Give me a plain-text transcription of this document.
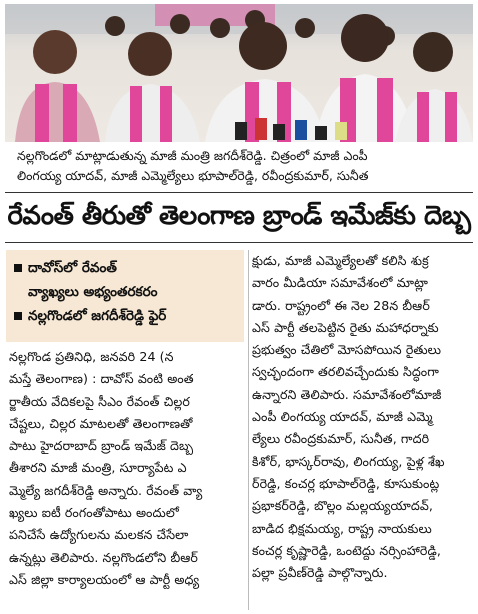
నల్లగొండలో మాట్లాడుతున్న మాజీ మంత్రి జగదీశ్‌రెడ్డి. చిత్రంలో మాజీ ఎంపీ
లింగయ్య యాదవ్, మాజీ ఎమ్మెల్యేలు భూపాల్‌రెడ్డి, రవీంద్రకుమార్, సునీత
రేవంత్ తీరుతో తెలంగాణ బ్రాండ్ ఇమేజ్‌కు దెబ్బ
దావోస్‌లో రేవంత్
వ్యాఖ్యలు అభ్యంతరకరం
నల్లగొండలో జగదీశ్‌రెడ్డి ఫైర్
నల్లగొండ ప్రతినిధి, జనవరి 24 (న
మస్తే తెలంగాణ) : దావోస్ వంటి అంత
ర్జాతీయ వేదికలపై సీఎం రేవంత్ చిల్లర
చేష్టలు, చిల్లర మాటలతో తెలంగాణతో
పాటు హైదరాబాద్ బ్రాండ్ ఇమేజ్ దెబ్బ
తీశారని మాజీ మంత్రి, సూర్యాపేట ఎ
మ్మెల్యే జగదీశ్‌రెడ్డి అన్నారు. రేవంత్ వ్యా
ఖ్యలు ఐటీ రంగంతోపాటు అందులో
పనిచేసే ఉద్యోగులను మలకన చేసేలా
ఉన్నట్లు తెలిపారు. నల్లగొండలోని బీఆర్
ఎస్ జిల్లా కార్యాలయంలో ఆ పార్టీ అధ్య
క్షుడు, మాజీ ఎమ్మెల్యేలతో కలిసి శుక్ర
వారం మీడియా సమావేశంలో మాట్లా
డారు. రాష్ట్రంలో ఈ నెల 28న బీఆర్
ఎస్ పార్టీ తలపెట్టిన రైతు మహాధర్నాకు
ప్రభుత్వం చేతిలో మోసపోయిన రైతులు
స్వచ్ఛందంగా తరలివచ్చేందుకు సిద్ధంగా
ఉన్నారని తెలిపారు. సమావేశంలోమాజీ
ఎంపీ లింగయ్య యాదవ్, మాజీ ఎమ్మె
ల్యేలు రవీంద్రకుమార్, సునీత, గాదరి
కిశోర్, భాస్కర్‌రావు, లింగయ్య, పైళ్ల శేఖ
ర్‌రెడ్డి, కంచర్ల భూపాల్‌రెడ్డి, కూసుకుంట్ల
ప్రభాకర్‌రెడ్డి, బొల్లం మల్లయ్యయాదవ్,
బాడిద భిక్షమయ్య, రాష్ట్ర నాయకులు
కంచర్ల కృష్ణారెడ్డి, ఒంటెద్దు నర్సింహారెడ్డి,
పల్లా ప్రవీణ్‌రెడ్డి పాల్గొన్నారు.
